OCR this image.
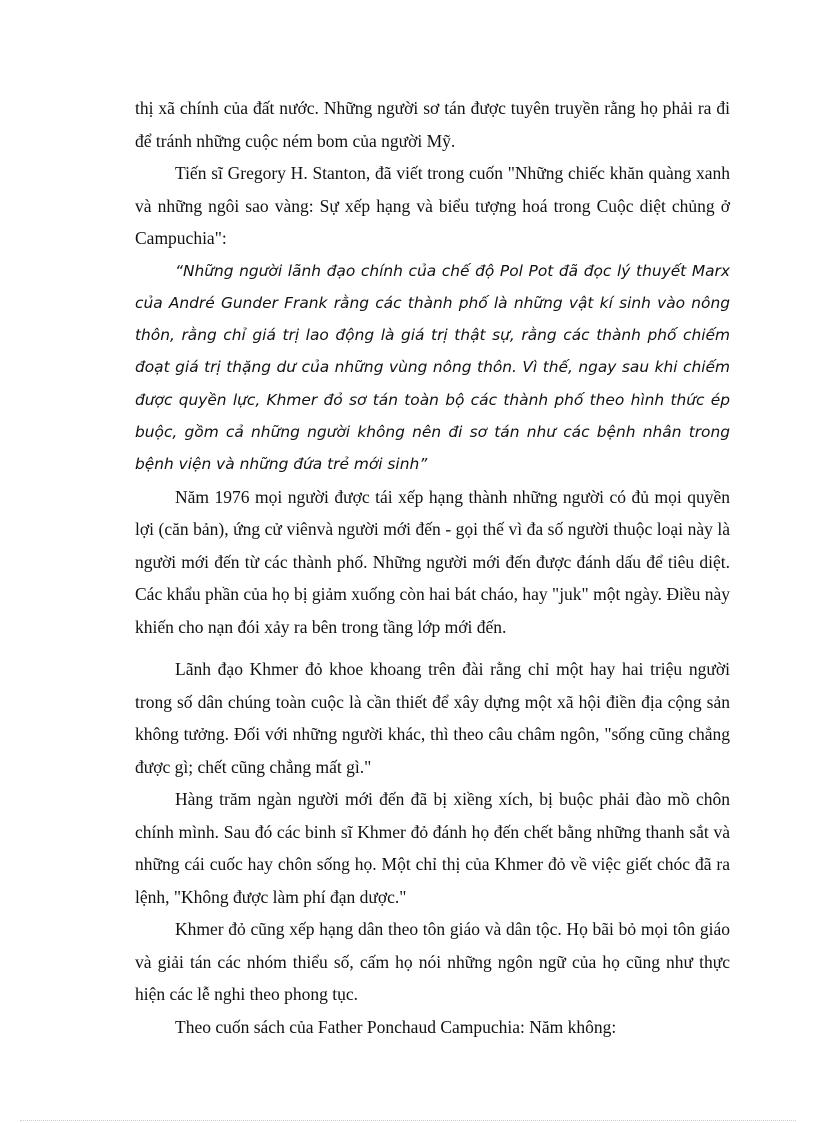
thị xã chính của đất nước. Những người sơ tán được tuyên truyền rằng họ phải ra đi để tránh những cuộc ném bom của người Mỹ.

Tiến sĩ Gregory H. Stanton, đã viết trong cuốn "Những chiếc khăn quàng xanh và những ngôi sao vàng: Sự xếp hạng và biểu tượng hoá trong Cuộc diệt chủng ở Campuchia":

“Những người lãnh đạo chính của chế độ Pol Pot đã đọc lý thuyết Marx của André Gunder Frank rằng các thành phố là những vật kí sinh vào nông thôn, rằng chỉ giá trị lao động là giá trị thật sự, rằng các thành phố chiếm đoạt giá trị thặng dư của những vùng nông thôn. Vì thế, ngay sau khi chiếm được quyền lực, Khmer đỏ sơ tán toàn bộ các thành phố theo hình thức ép buộc, gồm cả những người không nên đi sơ tán như các bệnh nhân trong bệnh viện và những đứa trẻ mới sinh”

Năm 1976 mọi người được tái xếp hạng thành những người có đủ mọi quyền lợi (căn bản), ứng cử viênvà người mới đến - gọi thế vì đa số người thuộc loại này là người mới đến từ các thành phố. Những người mới đến được đánh dấu để tiêu diệt. Các khẩu phần của họ bị giảm xuống còn hai bát cháo, hay "juk" một ngày. Điều này khiến cho nạn đói xảy ra bên trong tầng lớp mới đến.

Lãnh đạo Khmer đỏ khoe khoang trên đài rằng chỉ một hay hai triệu người trong số dân chúng toàn cuộc là cần thiết để xây dựng một xã hội điền địa cộng sản không tưởng. Đối với những người khác, thì theo câu châm ngôn, "sống cũng chẳng được gì; chết cũng chẳng mất gì."

Hàng trăm ngàn người mới đến đã bị xiềng xích, bị buộc phải đào mồ chôn chính mình. Sau đó các binh sĩ Khmer đỏ đánh họ đến chết bằng những thanh sắt và những cái cuốc hay chôn sống họ. Một chỉ thị của Khmer đỏ về việc giết chóc đã ra lệnh, "Không được làm phí đạn dược."

Khmer đỏ cũng xếp hạng dân theo tôn giáo và dân tộc. Họ bãi bỏ mọi tôn giáo và giải tán các nhóm thiểu số, cấm họ nói những ngôn ngữ của họ cũng như thực hiện các lễ nghi theo phong tục.

Theo cuốn sách của Father Ponchaud Campuchia: Năm không:
